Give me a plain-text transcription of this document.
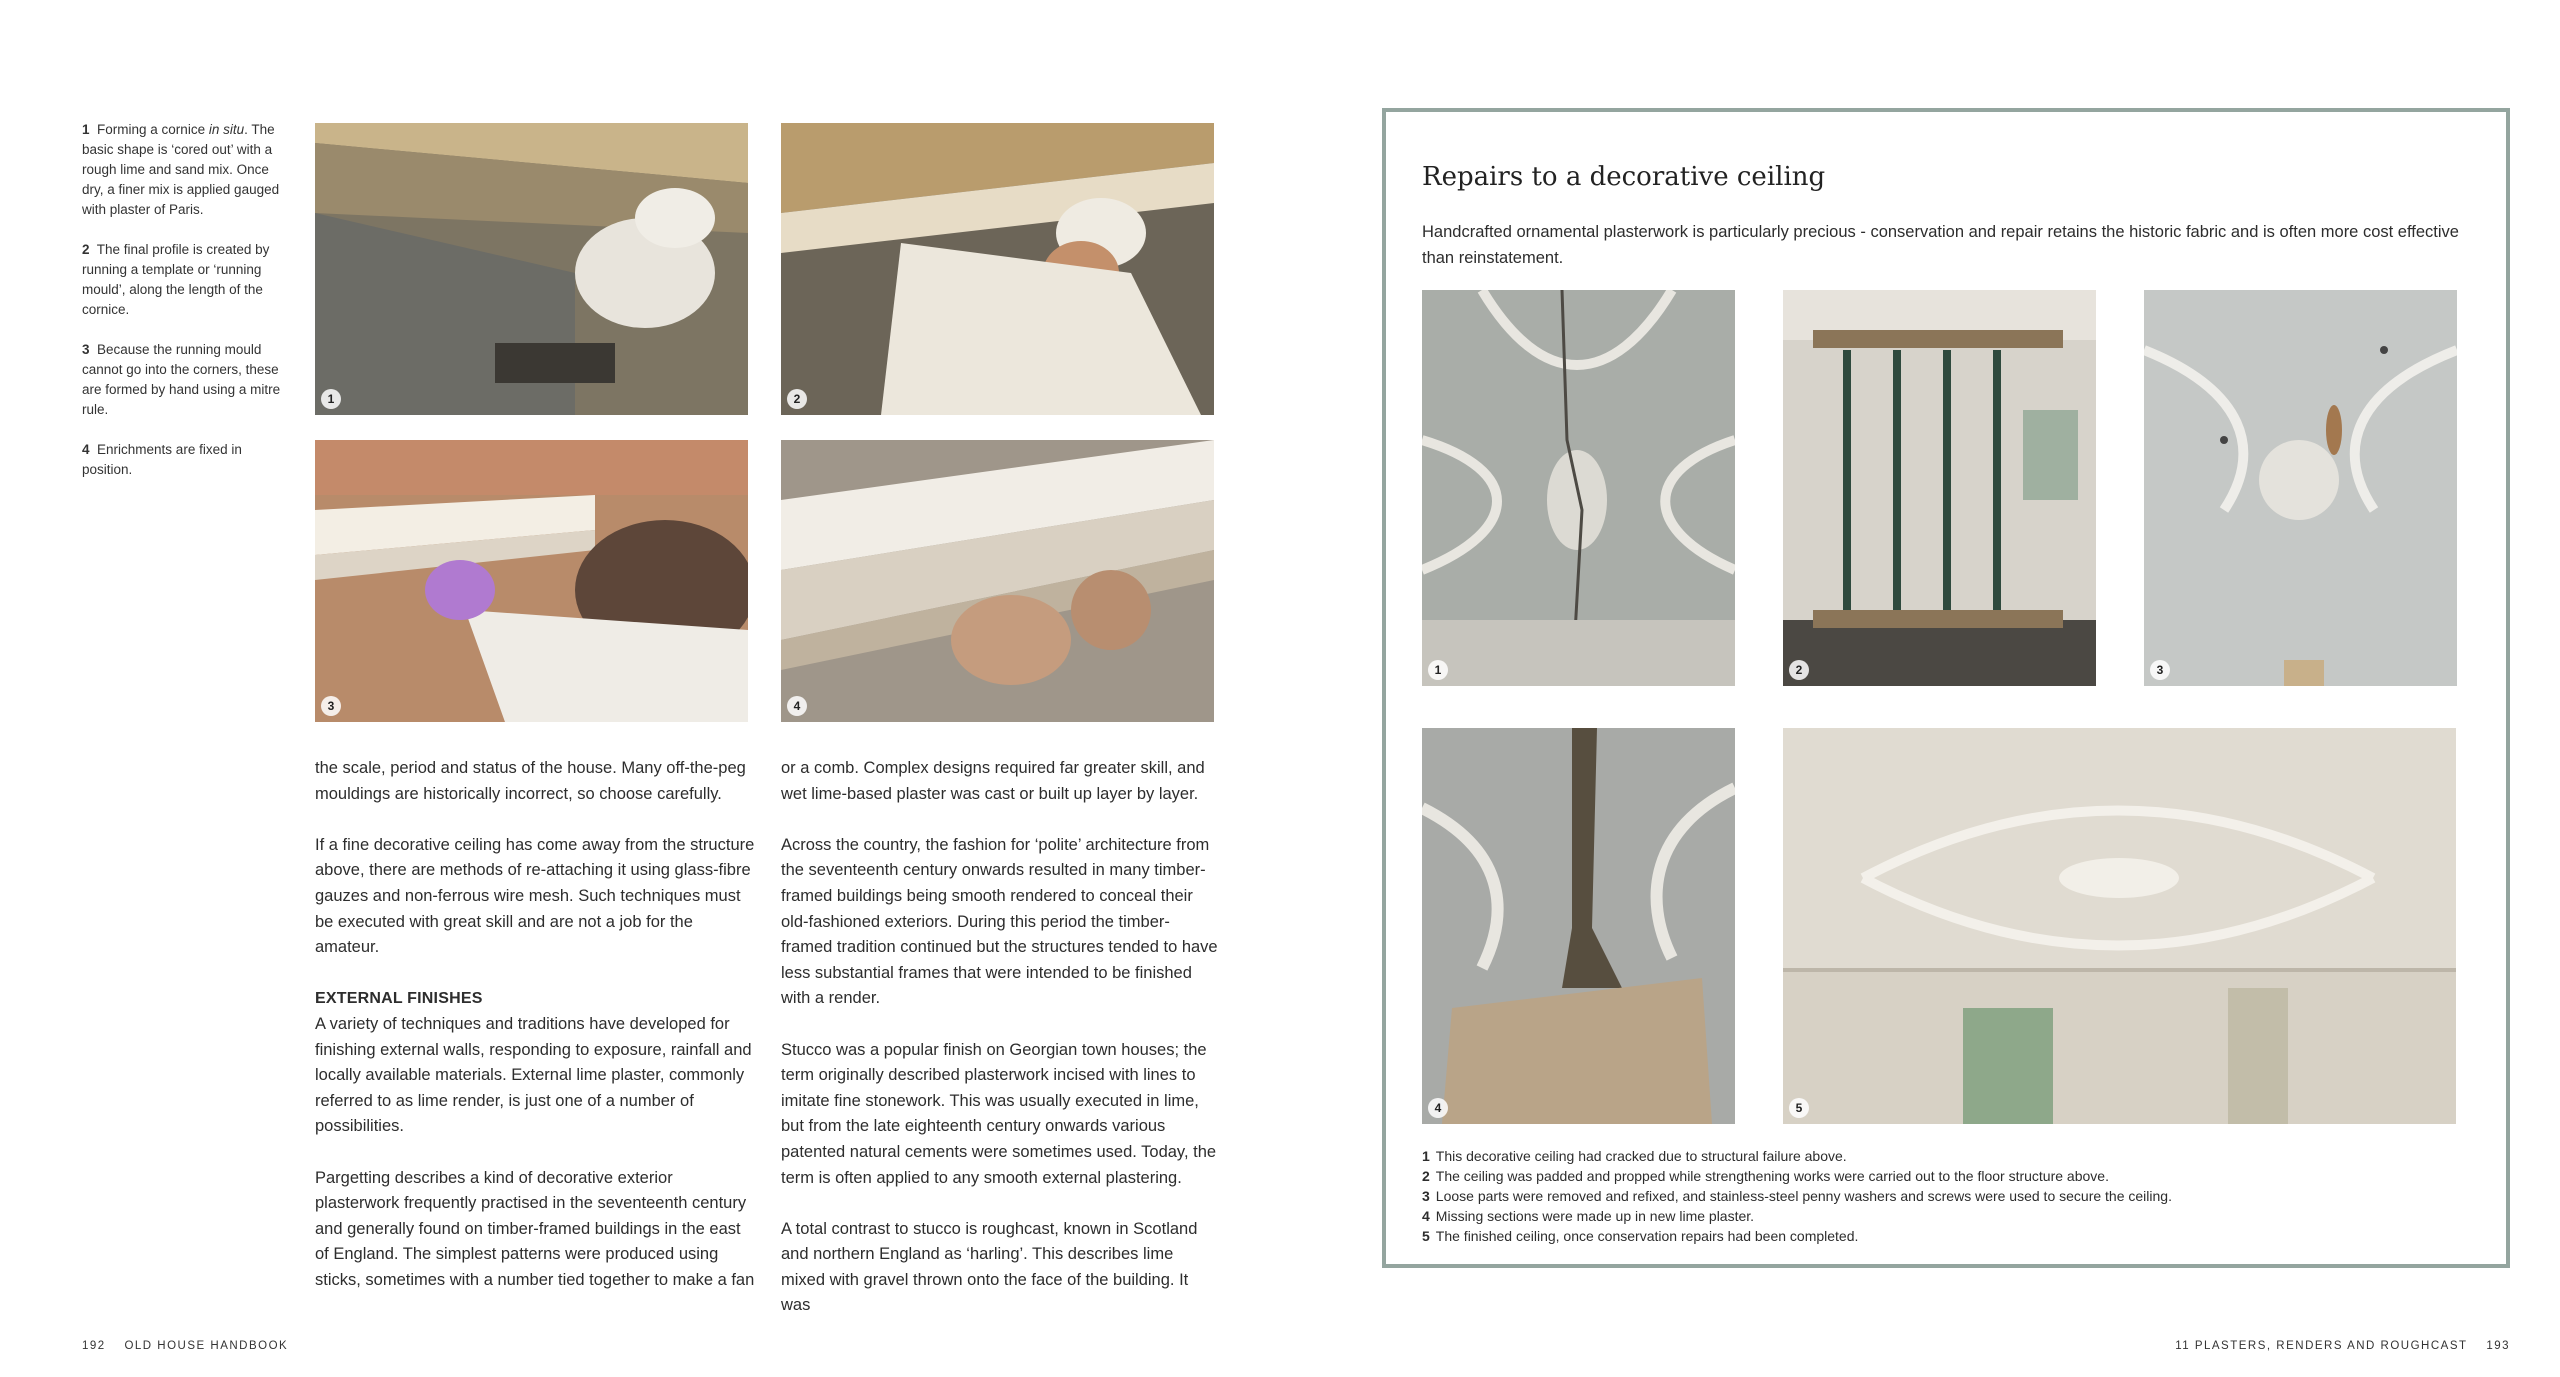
1 Forming a cornice in situ. The basic shape is ‘cored out’ with a rough lime and sand mix. Once dry, a finer mix is applied gauged with plaster of Paris.

2 The final profile is created by running a template or ‘running mould’, along the length of the cornice.

3 Because the running mould cannot go into the corners, these are formed by hand using a mitre rule.

4 Enrichments are fixed in position.

1	2
3	4

the scale, period and status of the house. Many off-the-peg mouldings are historically incorrect, so choose carefully.

If a fine decorative ceiling has come away from the structure above, there are methods of re-attaching it using glass-fibre gauzes and non-ferrous wire mesh. Such techniques must be executed with great skill and are not a job for the amateur.

EXTERNAL FINISHES

A variety of techniques and traditions have developed for finishing external walls, responding to exposure, rainfall and locally available materials. External lime plaster, commonly referred to as lime render, is just one of a number of possibilities.

Pargetting describes a kind of decorative exterior plasterwork frequently practised in the seventeenth century and generally found on timber-framed buildings in the east of England. The simplest patterns were produced using sticks, sometimes with a number tied together to make a fan

or a comb. Complex designs required far greater skill, and wet lime-based plaster was cast or built up layer by layer.

Across the country, the fashion for ‘polite’ architecture from the seventeenth century onwards resulted in many timber-framed buildings being smooth rendered to conceal their old-fashioned exteriors. During this period the timber-framed tradition continued but the structures tended to have less substantial frames that were intended to be finished with a render.

Stucco was a popular finish on Georgian town houses; the term originally described plasterwork incised with lines to imitate fine stonework. This was usually executed in lime, but from the late eighteenth century onwards various patented natural cements were sometimes used. Today, the term is often applied to any smooth external plastering.

A total contrast to stucco is roughcast, known in Scotland and northern England as ‘harling’. This describes lime mixed with gravel thrown onto the face of the building. It was

192 OLD HOUSE HANDBOOK	11 PLASTERS, RENDERS AND ROUGHCAST 193
Repairs to a decorative ceiling
Handcrafted ornamental plasterwork is particularly precious - conservation and repair retains the historic fabric and is often more cost effective than reinstatement.
1	2	3
4	5
1 This decorative ceiling had cracked due to structural failure above.
2 The ceiling was padded and propped while strengthening works were carried out to the floor structure above.
3 Loose parts were removed and refixed, and stainless-steel penny washers and screws were used to secure the ceiling.
4 Missing sections were made up in new lime plaster.
5 The finished ceiling, once conservation repairs had been completed.
